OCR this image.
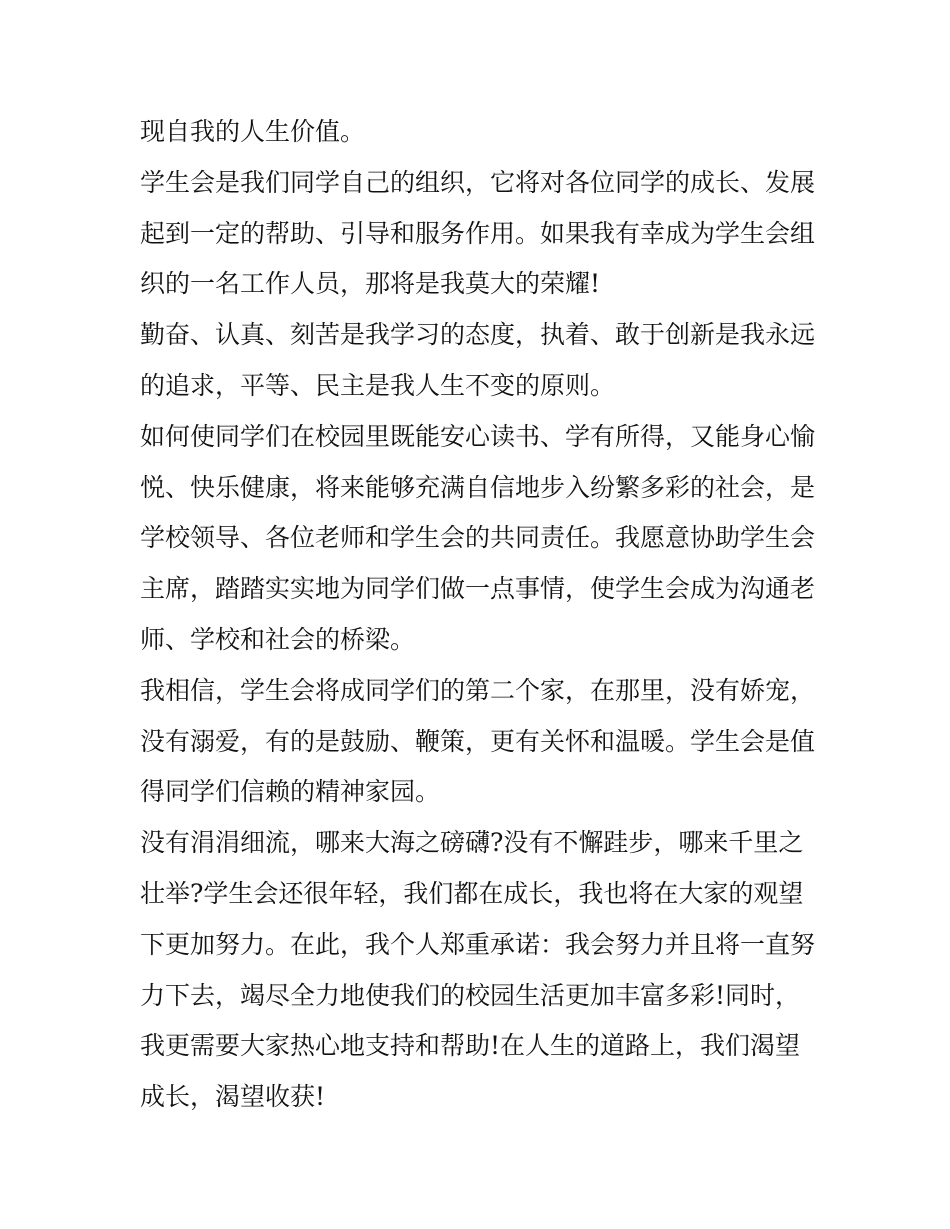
现自我的人生价值。
学生会是我们同学自己的组织，它将对各位同学的成长、发展
起到一定的帮助、引导和服务作用。如果我有幸成为学生会组
织的一名工作人员，那将是我莫大的荣耀!
勤奋、认真、刻苦是我学习的态度，执着、敢于创新是我永远
的追求，平等、民主是我人生不变的原则。
如何使同学们在校园里既能安心读书、学有所得，又能身心愉
悦、快乐健康，将来能够充满自信地步入纷繁多彩的社会，是
学校领导、各位老师和学生会的共同责任。我愿意协助学生会
主席，踏踏实实地为同学们做一点事情，使学生会成为沟通老
师、学校和社会的桥梁。
我相信，学生会将成同学们的第二个家，在那里，没有娇宠，
没有溺爱，有的是鼓励、鞭策，更有关怀和温暖。学生会是值
得同学们信赖的精神家园。
没有涓涓细流，哪来大海之磅礴?没有不懈跬步，哪来千里之
壮举?学生会还很年轻，我们都在成长，我也将在大家的观望
下更加努力。在此，我个人郑重承诺：我会努力并且将一直努
力下去，竭尽全力地使我们的校园生活更加丰富多彩!同时，
我更需要大家热心地支持和帮助!在人生的道路上，我们渴望
成长，渴望收获!
